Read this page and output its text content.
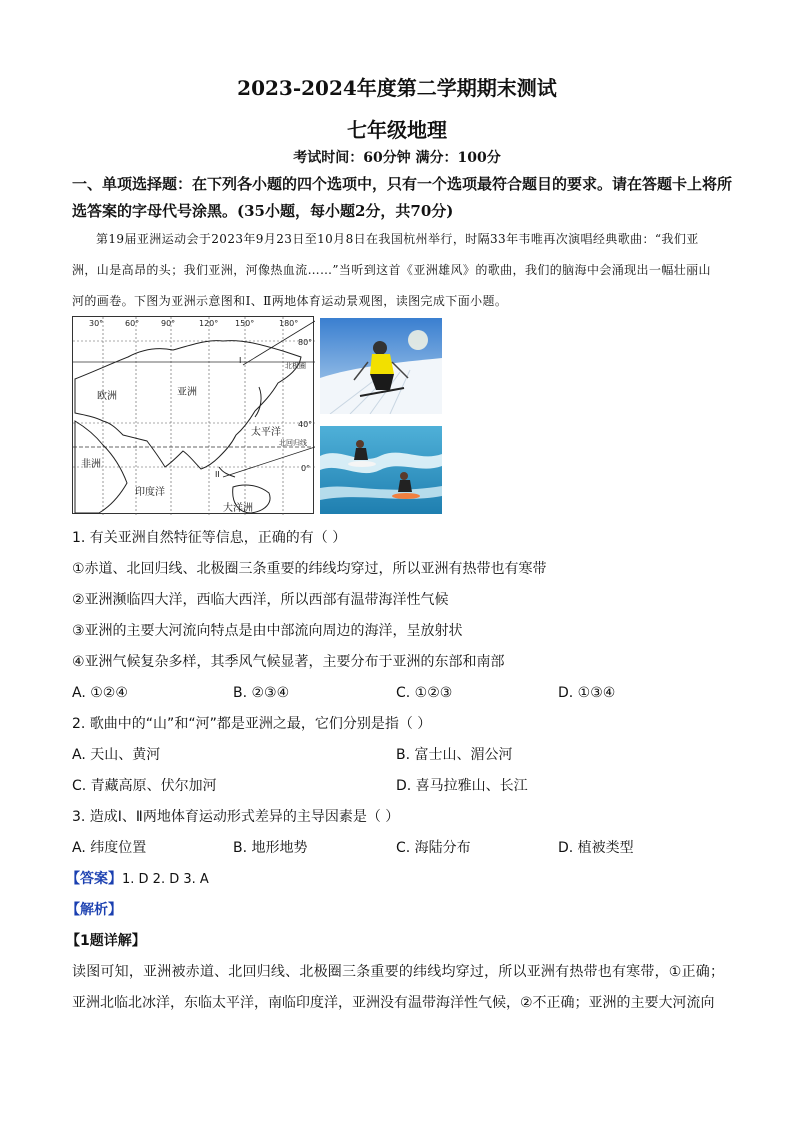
2023-2024年度第二学期期末测试
七年级地理
考试时间：60分钟 满分：100分
一、单项选择题：在下列各小题的四个选项中，只有一个选项最符合题目的要求。请在答题卡上将所选答案的字母代号涂黑。(35小题，每小题2分，共70分)
第19届亚洲运动会于2023年9月23日至10月8日在我国杭州举行，时隔33年韦唯再次演唱经典歌曲：“我们亚洲，山是高昂的头；我们亚洲，河像热血流……”当听到这首《亚洲雄风》的歌曲，我们的脑海中会涌现出一幅壮丽山河的画卷。下图为亚洲示意图和Ⅰ、Ⅱ两地体育运动景观图，读图完成下面小题。
30°	60°	90°	120° 150°	180°
80°
40°
0°
北极圈
北回归线
欧洲	亚洲
太平洋
非洲
印度洋
大洋洲
I
II
1. 有关亚洲自然特征等信息，正确的有（ ）
①赤道、北回归线、北极圈三条重要的纬线均穿过，所以亚洲有热带也有寒带
②亚洲濒临四大洋，西临大西洋，所以西部有温带海洋性气候
③亚洲的主要大河流向特点是由中部流向周边的海洋，呈放射状
④亚洲气候复杂多样，其季风气候显著，主要分布于亚洲的东部和南部
A. ①②④	B. ②③④	C. ①②③	D. ①③④
2. 歌曲中的“山”和“河”都是亚洲之最，它们分别是指（ ）
A. 天山、黄河	B. 富士山、湄公河
C. 青藏高原、伏尔加河	D. 喜马拉雅山、长江
3. 造成Ⅰ、Ⅱ两地体育运动形式差异的主导因素是（ ）
A. 纬度位置	B. 地形地势	C. 海陆分布	D. 植被类型
【答案】1. D 2. D 3. A
【解析】
【1题详解】
读图可知，亚洲被赤道、北回归线、北极圈三条重要的纬线均穿过，所以亚洲有热带也有寒带，①正确；亚洲北临北冰洋，东临太平洋，南临印度洋，亚洲没有温带海洋性气候，②不正确；亚洲的主要大河流向
